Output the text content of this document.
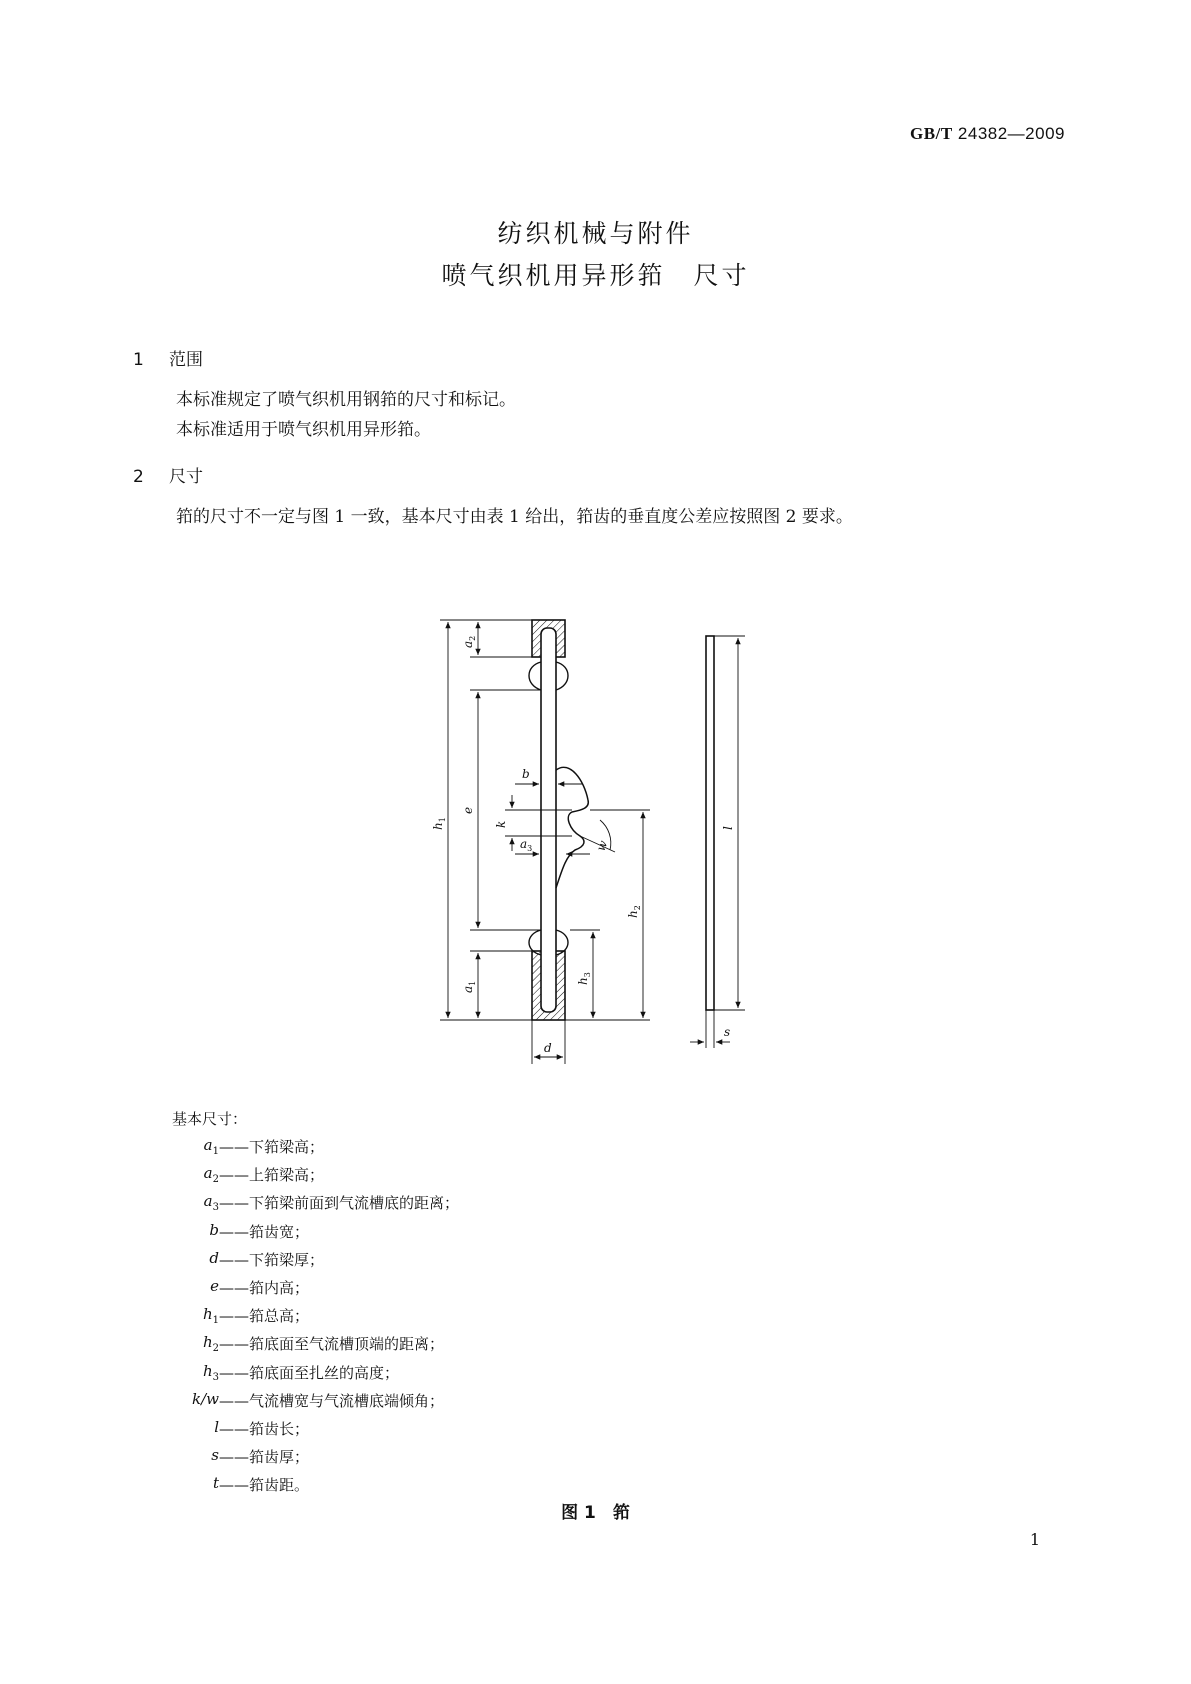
GB/T 24382—2009
纺织机械与附件
喷气织机用异形筘　尺寸
1 范围
本标准规定了喷气织机用钢筘的尺寸和标记。
本标准适用于喷气织机用异形筘。
2 尺寸
筘的尺寸不一定与图 1 一致，基本尺寸由表 1 给出，筘齿的垂直度公差应按照图 2 要求。
$h_1$
$a_2$
e
$a_1$
b
k
$a_3$	w
$h_2$
$h_3$
d
l
s
基本尺寸：
$a_1$ ——下筘梁高；
$a_2$ ——上筘梁高；
$a_3$ ——下筘梁前面到气流槽底的距离；
b ——筘齿宽；
d ——下筘梁厚；
e ——筘内高；
$h_1$ ——筘总高；
$h_2$ ——筘底面至气流槽顶端的距离；
$h_3$ ——筘底面至扎丝的高度；
k/w ——气流槽宽与气流槽底端倾角；
l ——筘齿长；
s ——筘齿厚；
t ——筘齿距。
图 1　筘
1
